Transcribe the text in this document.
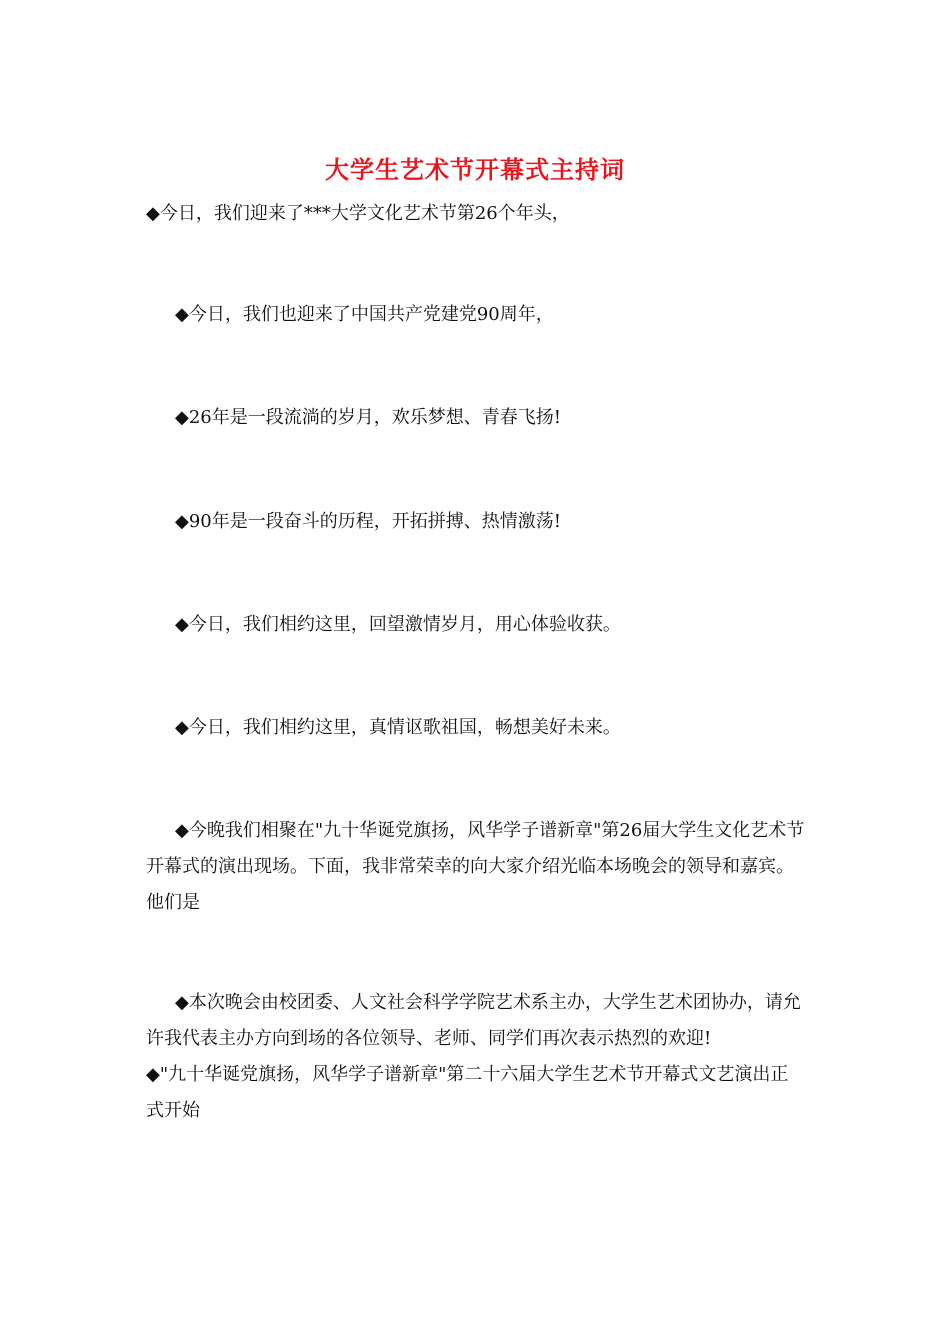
大学生艺术节开幕式主持词
◆今日，我们迎来了***大学文化艺术节第26个年头，
◆今日，我们也迎来了中国共产党建党90周年，
◆26年是一段流淌的岁月，欢乐梦想、青春飞扬!
◆90年是一段奋斗的历程，开拓拼搏、热情激荡!
◆今日，我们相约这里，回望激情岁月，用心体验收获。
◆今日，我们相约这里，真情讴歌祖国，畅想美好未来。

◆今晚我们相聚在"九十华诞党旗扬，风华学子谱新章"第26届大学生文化艺术节开幕式的演出现场。下面，我非常荣幸的向大家介绍光临本场晚会的领导和嘉宾。他们是

◆本次晚会由校团委、人文社会科学学院艺术系主办，大学生艺术团协办，请允许我代表主办方向到场的各位领导、老师、同学们再次表示热烈的欢迎!

◆"九十华诞党旗扬，风华学子谱新章"第二十六届大学生艺术节开幕式文艺演出正式开始
